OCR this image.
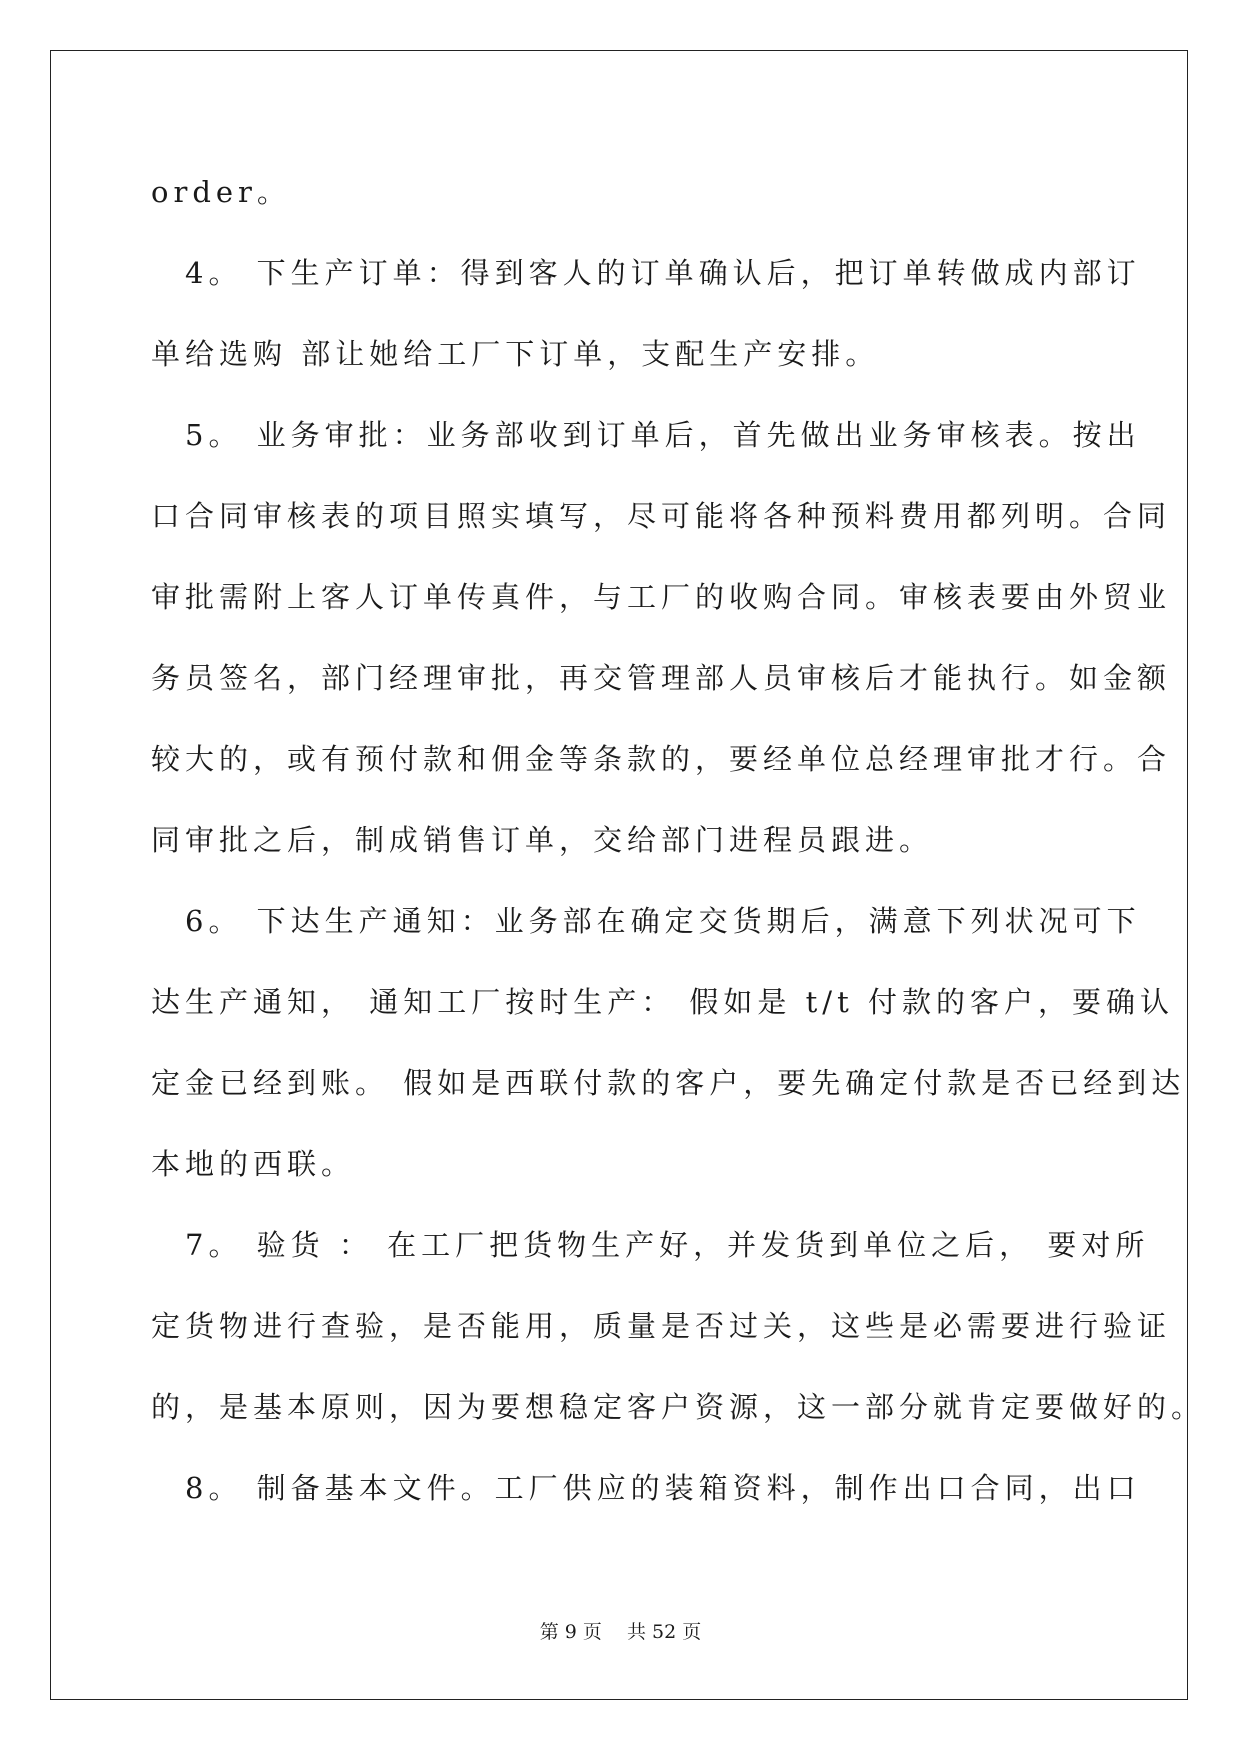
order。

　4。 下生产订单：得到客人的订单确认后，把订单转做成内部订

单给选购 部让她给工厂下订单，支配生产安排。

　5。 业务审批：业务部收到订单后，首先做出业务审核表。按出

口合同审核表的项目照实填写，尽可能将各种预料费用都列明。合同

审批需附上客人订单传真件，与工厂的收购合同。审核表要由外贸业

务员签名，部门经理审批，再交管理部人员审核后才能执行。如金额

较大的，或有预付款和佣金等条款的，要经单位总经理审批才行。合

同审批之后，制成销售订单，交给部门进程员跟进。

　6。 下达生产通知：业务部在确定交货期后，满意下列状况可下

达生产通知， 通知工厂按时生产： 假如是 t/t 付款的客户，要确认

定金已经到账。 假如是西联付款的客户，要先确定付款是否已经到达

本地的西联。

　7。 验货 ： 在工厂把货物生产好，并发货到单位之后， 要对所

定货物进行查验，是否能用，质量是否过关，这些是必需要进行验证

的，是基本原则，因为要想稳定客户资源，这一部分就肯定要做好的。

　8。 制备基本文件。工厂供应的装箱资料，制作出口合同，出口

第 9 页　 共 52 页
